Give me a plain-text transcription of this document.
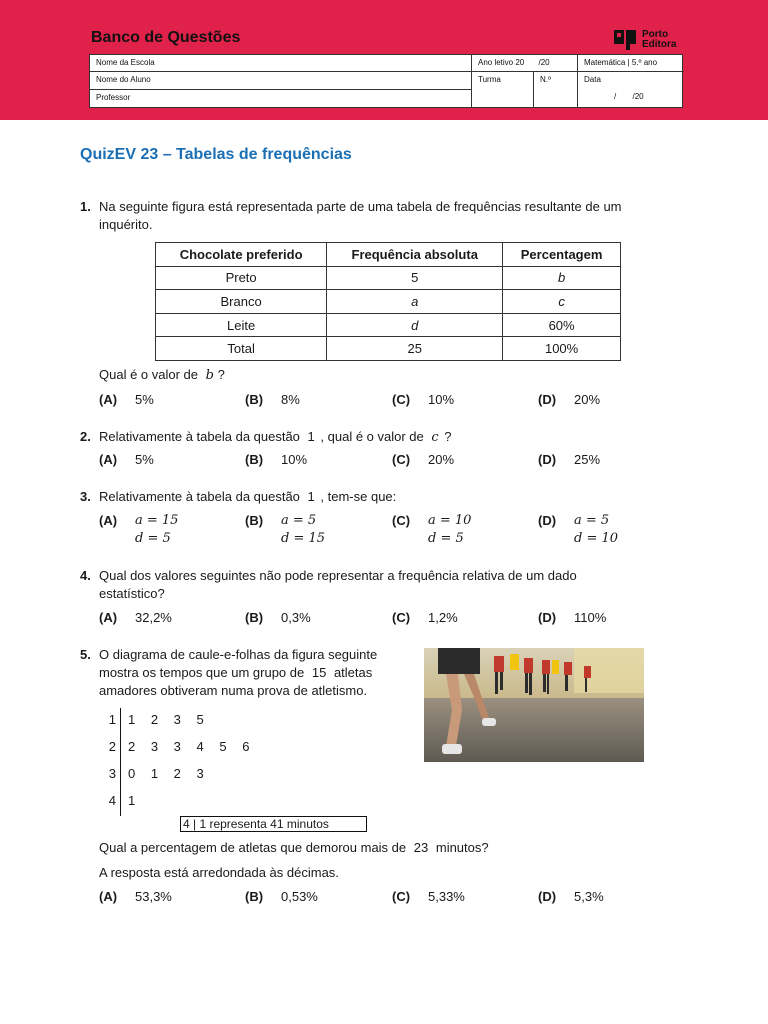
Banco de Questões	Porto
Editora
Nome da Escola	Ano letivo 20 /20	Matemática | 5.º ano
Nome do Aluno	Turma	N.º	Data
/ /20
Professor
QuizEV 23 – Tabelas de frequências
1. Na seguinte figura está representada parte de uma tabela de frequências resultante de um
inquérito.
Chocolate preferido	Frequência absoluta	Percentagem
Preto	5	b
Branco	a	c
Leite	d	60%
Total	25	100%
Qual é o valor de b ?
(A) 5%	(B) 8%	(C) 10%	(D) 20%
2. Relativamente à tabela da questão 1 , qual é o valor de c ?
(A) 5%	(B) 10%	(C) 20%	(D) 25%
3. Relativamente à tabela da questão 1 , tem-se que:
(A) a = 15
d = 5
(B) a = 5
d = 15
(C) a = 10
d = 5
(D) a = 5
d = 10
4. Qual dos valores seguintes não pode representar a frequência relativa de um dado
estatístico?
(A) 32,2%	(B) 0,3%	(C) 1,2%	(D) 110%
5. O diagrama de caule-e-folhas da figura seguinte
mostra os tempos que um grupo de 15 atletas
amadores obtiveram numa prova de atletismo.
1 1 2 3 5
2 2 3 3 4 5 6
3 0 1 2 3
4 1
4 | 1 representa 41 minutos
Qual a percentagem de atletas que demorou mais de 23 minutos?
A resposta está arredondada às décimas.
(A) 53,3%	(B) 0,53%	(C) 5,33%	(D) 5,3%
